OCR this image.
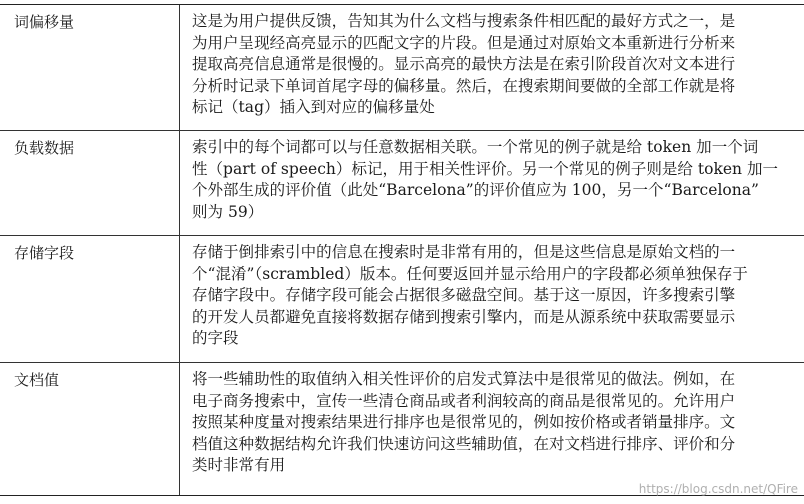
词偏移量	这是为用户提供反馈，告知其为什么文档与搜索条件相匹配的最好方式之一，是
为用户呈现经高亮显示的匹配文字的片段。但是通过对原始文本重新进行分析来
提取高亮信息通常是很慢的。显示高亮的最快方法是在索引阶段首次对文本进行
分析时记录下单词首尾字母的偏移量。然后，在搜索期间要做的全部工作就是将
标记（tag）插入到对应的偏移量处
负载数据	索引中的每个词都可以与任意数据相关联。一个常见的例子就是给 token 加一个词
性（part of speech）标记，用于相关性评价。另一个常见的例子则是给 token 加一
个外部生成的评价值（此处“Barcelona”的评价值应为 100，另一个“Barcelona”
则为 59）
存储字段	存储于倒排索引中的信息在搜索时是非常有用的，但是这些信息是原始文档的一
个“混淆”（scrambled）版本。任何要返回并显示给用户的字段都必须单独保存于
存储字段中。存储字段可能会占据很多磁盘空间。基于这一原因，许多搜索引擎
的开发人员都避免直接将数据存储到搜索引擎内，而是从源系统中获取需要显示
的字段
文档值	将一些辅助性的取值纳入相关性评价的启发式算法中是很常见的做法。例如，在
电子商务搜索中，宣传一些清仓商品或者利润较高的商品是很常见的。允许用户
按照某种度量对搜索结果进行排序也是很常见的，例如按价格或者销量排序。文
档值这种数据结构允许我们快速访问这些辅助值，在对文档进行排序、评价和分
类时非常有用
https://blog.csdn.net/QFire
